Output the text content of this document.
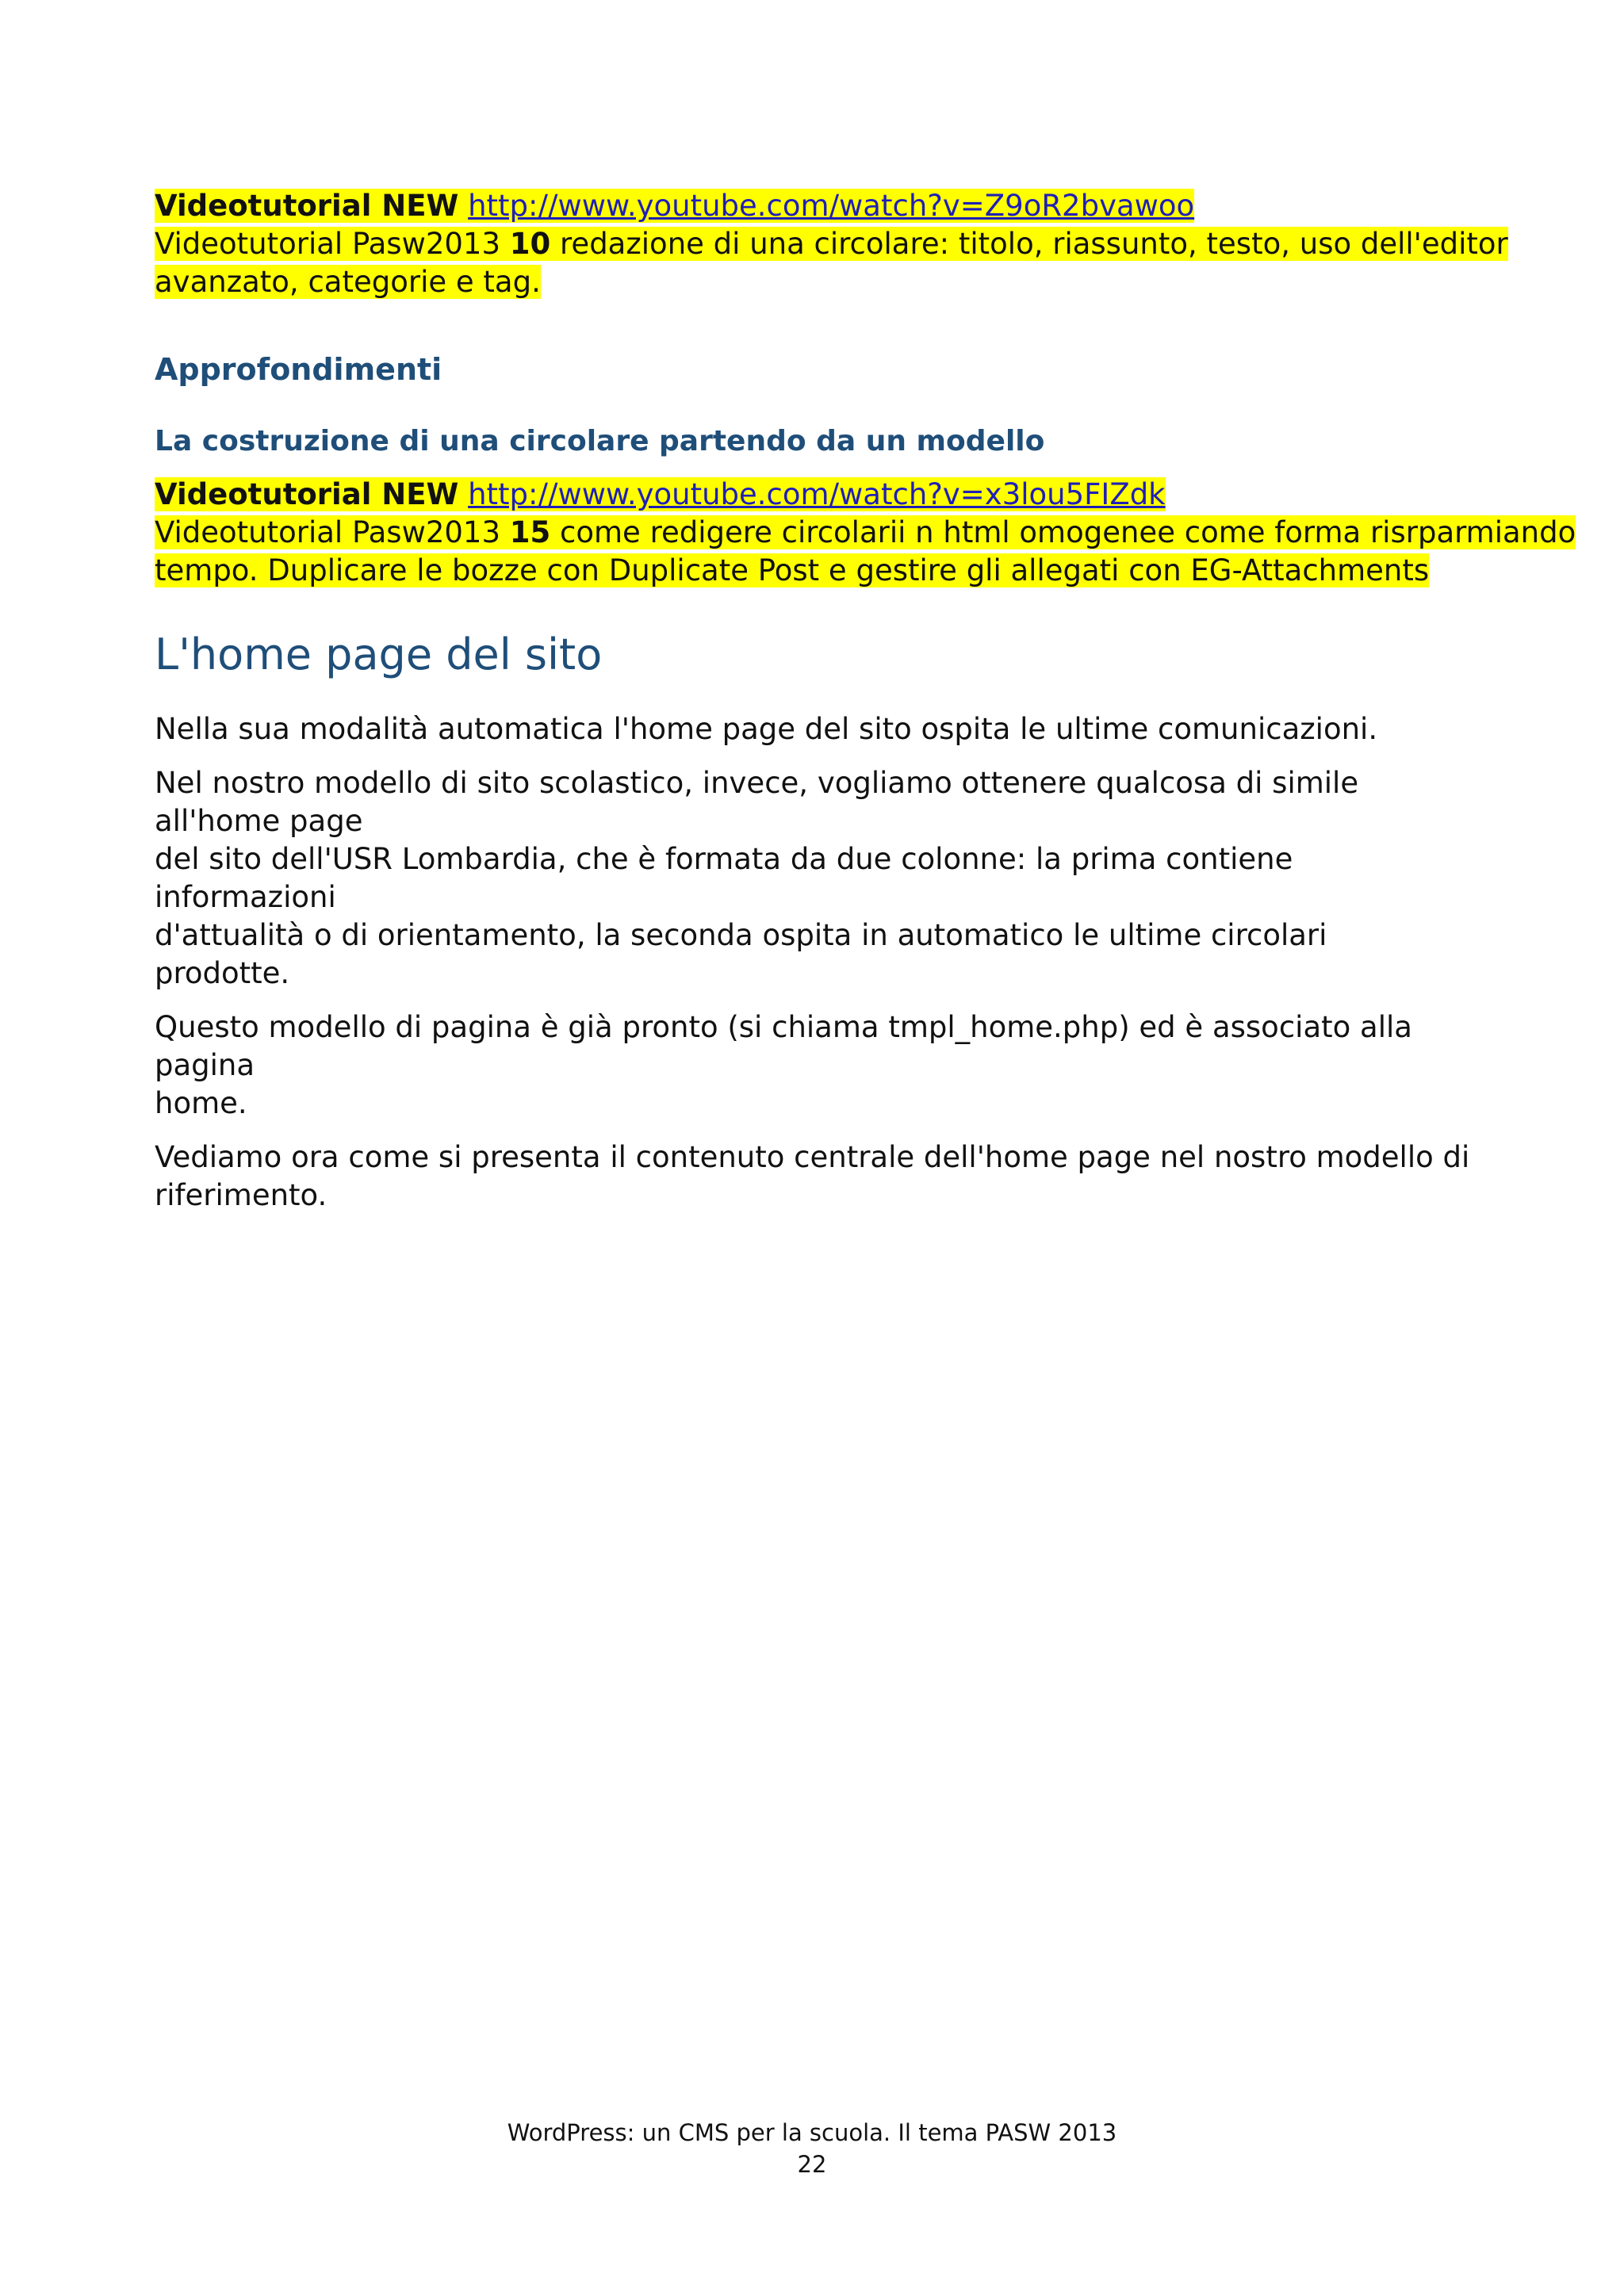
Videotutorial NEW http://www.youtube.com/watch?v=Z9oR2bvawoo
Videotutorial Pasw2013 10 redazione di una circolare: titolo, riassunto, testo, uso dell'editor
avanzato, categorie e tag.
Approfondimenti
La costruzione di una circolare partendo da un modello
Videotutorial NEW http://www.youtube.com/watch?v=x3lou5FIZdk
Videotutorial Pasw2013 15 come redigere circolarii n html omogenee come forma risrparmiando
tempo. Duplicare le bozze con Duplicate Post e gestire gli allegati con EG-Attachments
L'home page del sito

Nella sua modalità automatica l'home page del sito ospita le ultime comunicazioni.

Nel nostro modello di sito scolastico, invece, vogliamo ottenere qualcosa di simile all'home page
del sito dell'USR Lombardia, che è formata da due colonne: la prima contiene informazioni
d'attualità o di orientamento, la seconda ospita in automatico le ultime circolari prodotte.

Questo modello di pagina è già pronto (si chiama tmpl_home.php) ed è associato alla pagina
home.

Vediamo ora come si presenta il contenuto centrale dell'home page nel nostro modello di
riferimento.

WordPress: un CMS per la scuola. Il tema PASW 2013
22
